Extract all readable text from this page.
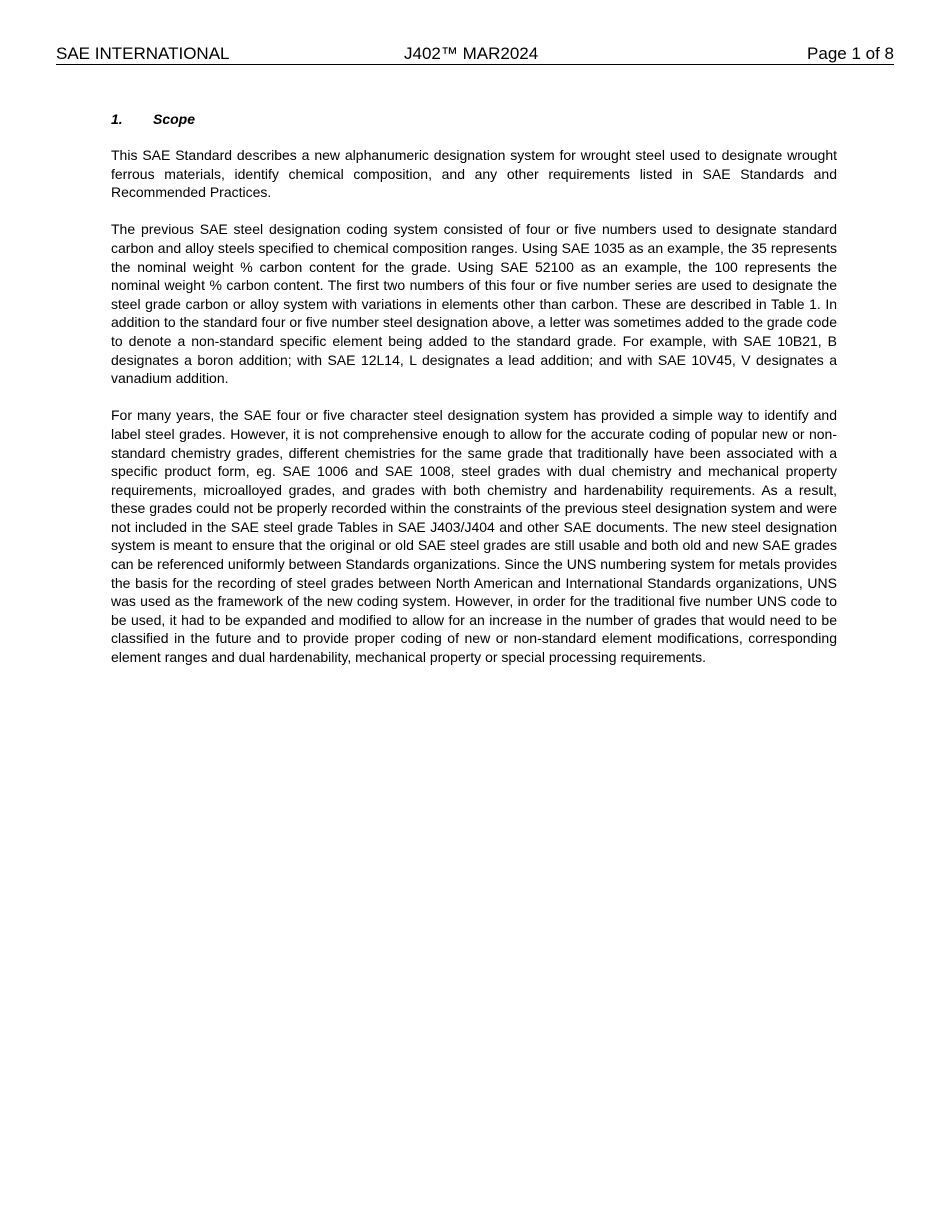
SAE INTERNATIONAL	J402™ MAR2024	Page 1 of 8
1.	Scope

This SAE Standard describes a new alphanumeric designation system for wrought steel used to designate wrought ferrous materials, identify chemical composition, and any other requirements listed in SAE Standards and Recommended Practices.

The previous SAE steel designation coding system consisted of four or five numbers used to designate standard carbon and alloy steels specified to chemical composition ranges. Using SAE 1035 as an example, the 35 represents the nominal weight % carbon content for the grade. Using SAE 52100 as an example, the 100 represents the nominal weight % carbon content. The first two numbers of this four or five number series are used to designate the steel grade carbon or alloy system with variations in elements other than carbon. These are described in Table 1. In addition to the standard four or five number steel designation above, a letter was sometimes added to the grade code to denote a non-standard specific element being added to the standard grade. For example, with SAE 10B21, B designates a boron addition; with SAE 12L14, L designates a lead addition; and with SAE 10V45, V designates a vanadium addition.

For many years, the SAE four or five character steel designation system has provided a simple way to identify and label steel grades. However, it is not comprehensive enough to allow for the accurate coding of popular new or non-standard chemistry grades, different chemistries for the same grade that traditionally have been associated with a specific product form, eg. SAE 1006 and SAE 1008, steel grades with dual chemistry and mechanical property requirements, microalloyed grades, and grades with both chemistry and hardenability requirements. As a result, these grades could not be properly recorded within the constraints of the previous steel designation system and were not included in the SAE steel grade Tables in SAE J403/J404 and other SAE documents. The new steel designation system is meant to ensure that the original or old SAE steel grades are still usable and both old and new SAE grades can be referenced uniformly between Standards organizations. Since the UNS numbering system for metals provides the basis for the recording of steel grades between North American and International Standards organizations, UNS was used as the framework of the new coding system. However, in order for the traditional five number UNS code to be used, it had to be expanded and modified to allow for an increase in the number of grades that would need to be classified in the future and to provide proper coding of new or non-standard element modifications, corresponding element ranges and dual hardenability, mechanical property or special processing requirements.
